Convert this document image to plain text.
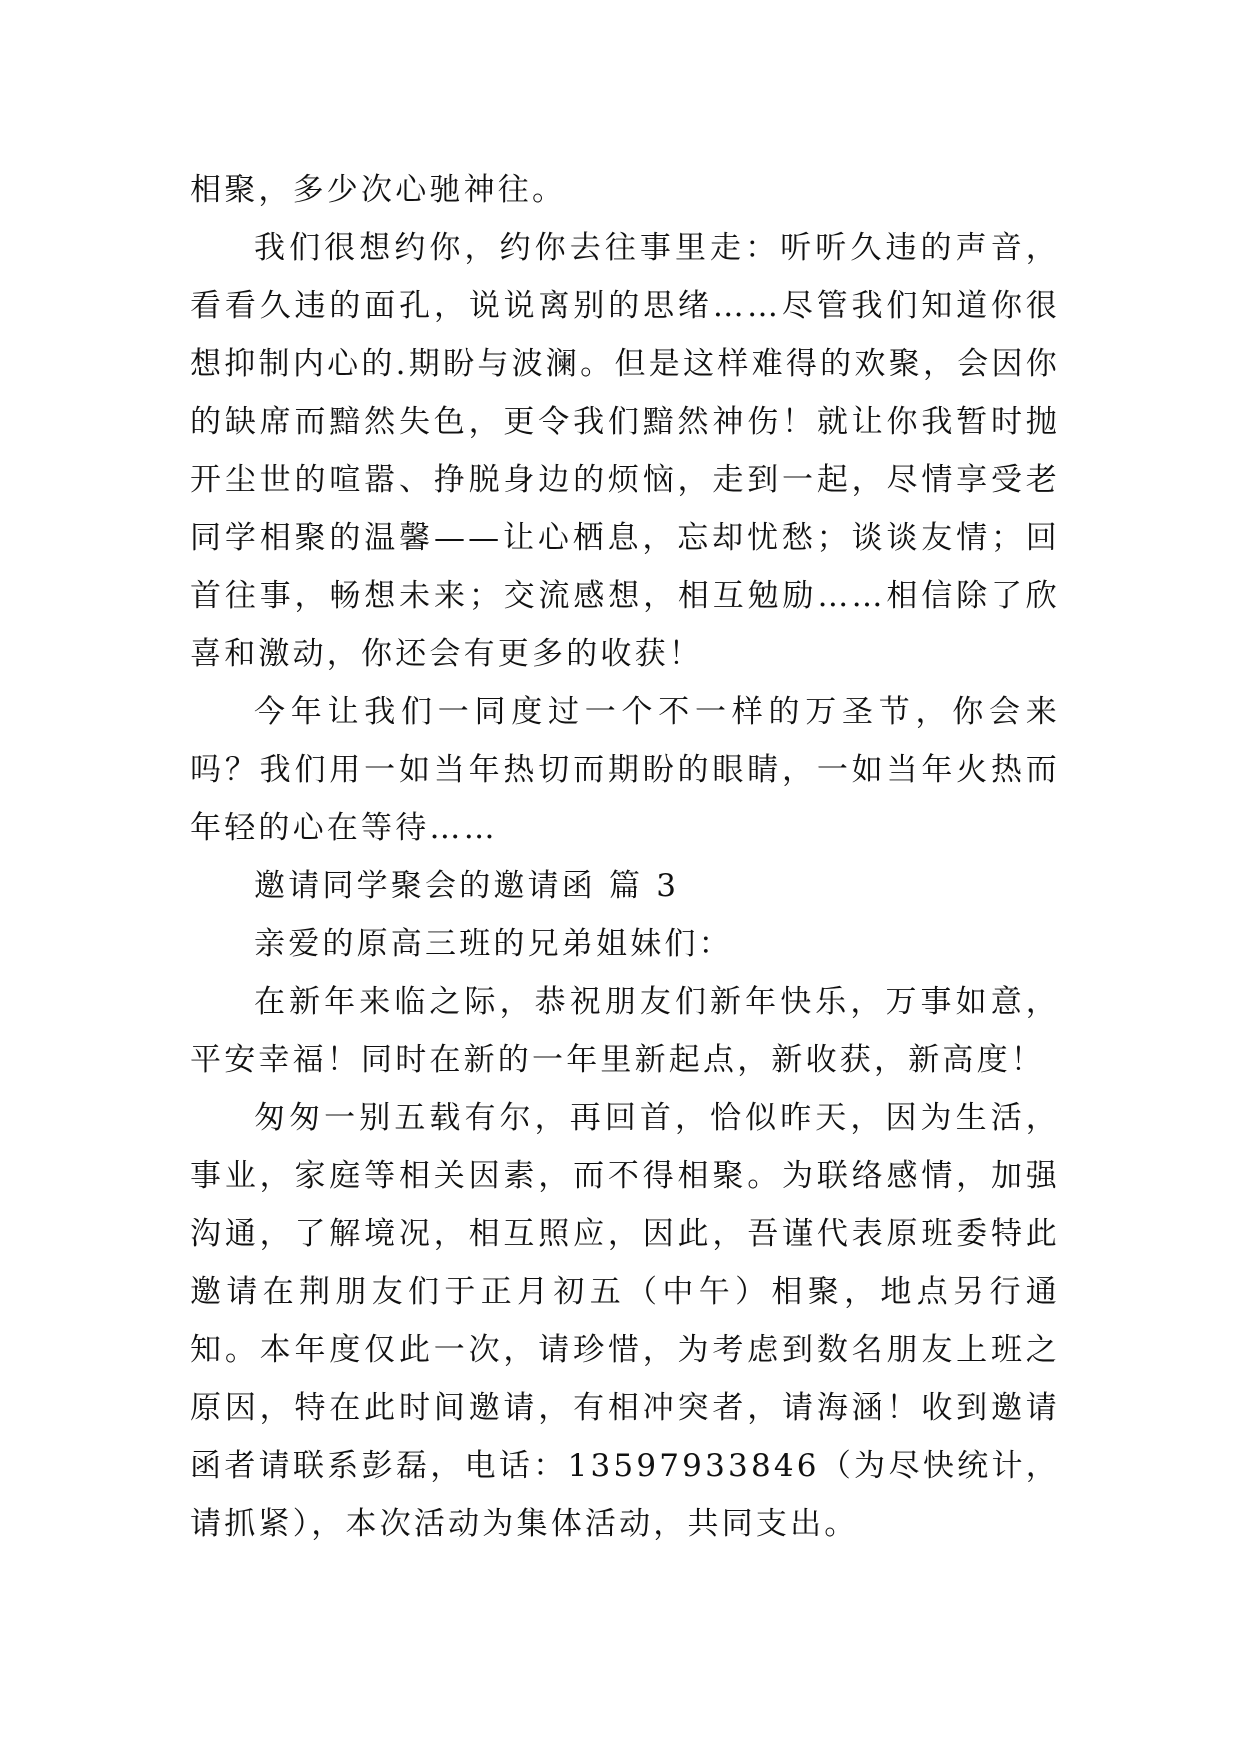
相聚，多少次心驰神往。

我们很想约你，约你去往事里走：听听久违的声音，看看久违的面孔，说说离别的思绪……尽管我们知道你很想抑制内心的.期盼与波澜。但是这样难得的欢聚，会因你的缺席而黯然失色，更令我们黯然神伤！就让你我暂时抛开尘世的喧嚣、挣脱身边的烦恼，走到一起，尽情享受老同学相聚的温馨——让心栖息，忘却忧愁；谈谈友情；回首往事，畅想未来；交流感想，相互勉励……相信除了欣喜和激动，你还会有更多的收获！

今年让我们一同度过一个不一样的万圣节，你会来吗？我们用一如当年热切而期盼的眼睛，一如当年火热而年轻的心在等待……

邀请同学聚会的邀请函 篇 3

亲爱的原高三班的兄弟姐妹们：

在新年来临之际，恭祝朋友们新年快乐，万事如意，平安幸福！同时在新的一年里新起点，新收获，新高度！

匆匆一别五载有尔，再回首，恰似昨天，因为生活，事业，家庭等相关因素，而不得相聚。为联络感情，加强沟通，了解境况，相互照应，因此，吾谨代表原班委特此邀请在荆朋友们于正月初五（中午）相聚，地点另行通知。本年度仅此一次，请珍惜，为考虑到数名朋友上班之原因，特在此时间邀请，有相冲突者，请海涵！收到邀请函者请联系彭磊，电话：13597933846（为尽快统计，请抓紧），本次活动为集体活动，共同支出。
